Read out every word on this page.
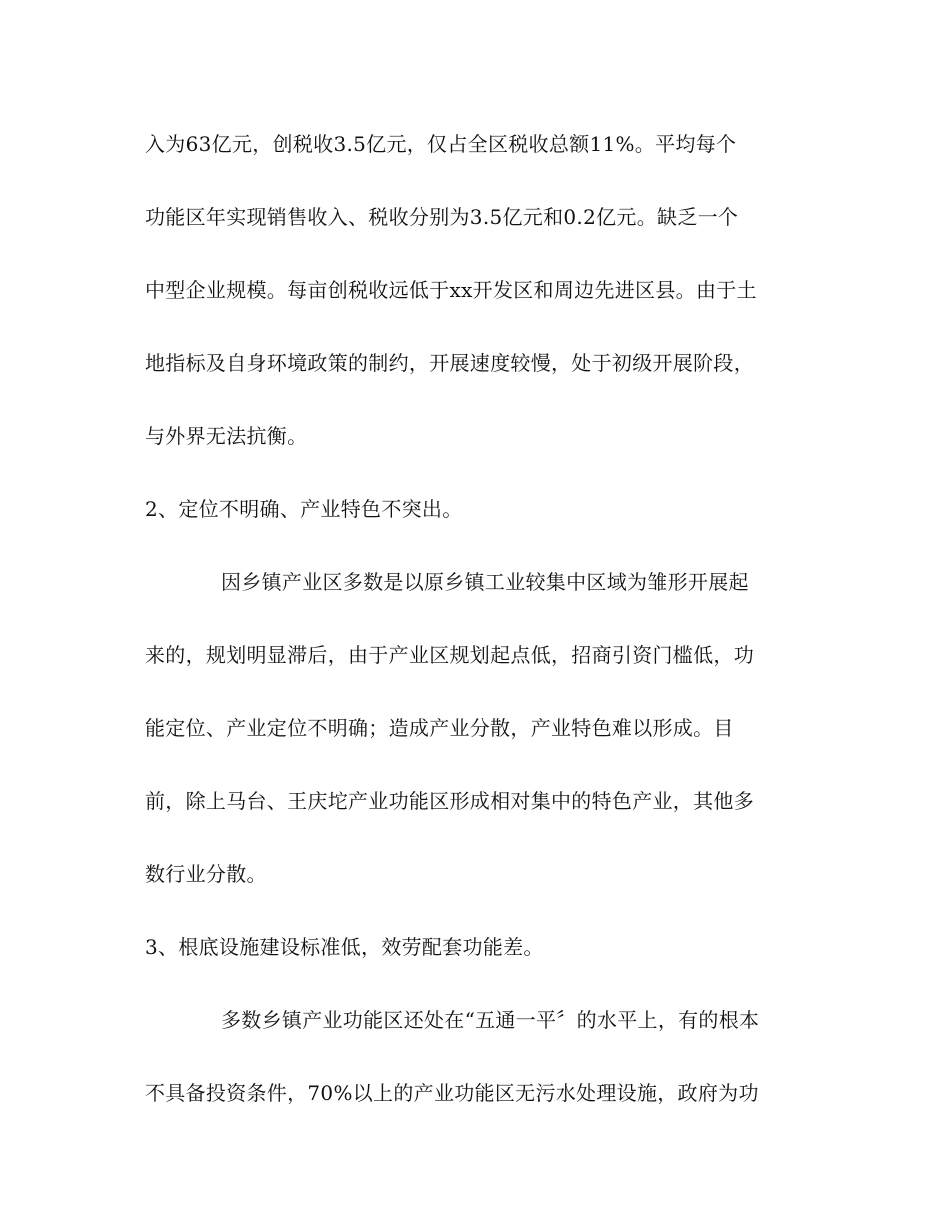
入为63亿元，创税收3.5亿元，仅占全区税收总额11%。平均每个
功能区年实现销售收入、税收分别为3.5亿元和0.2亿元。缺乏一个
中型企业规模。每亩创税收远低于xx开发区和周边先进区县。由于土
地指标及自身环境政策的制约，开展速度较慢，处于初级开展阶段，
与外界无法抗衡。
2、定位不明确、产业特色不突出。
因乡镇产业区多数是以原乡镇工业较集中区域为雏形开展起
来的，规划明显滞后，由于产业区规划起点低，招商引资门槛低，功
能定位、产业定位不明确；造成产业分散，产业特色难以形成。目
前，除上马台、王庆坨产业功能区形成相对集中的特色产业，其他多
数行业分散。
3、根底设施建设标准低，效劳配套功能差。
多数乡镇产业功能区还处在“五通一平〞的水平上，有的根本
不具备投资条件，70%以上的产业功能区无污水处理设施，政府为功
